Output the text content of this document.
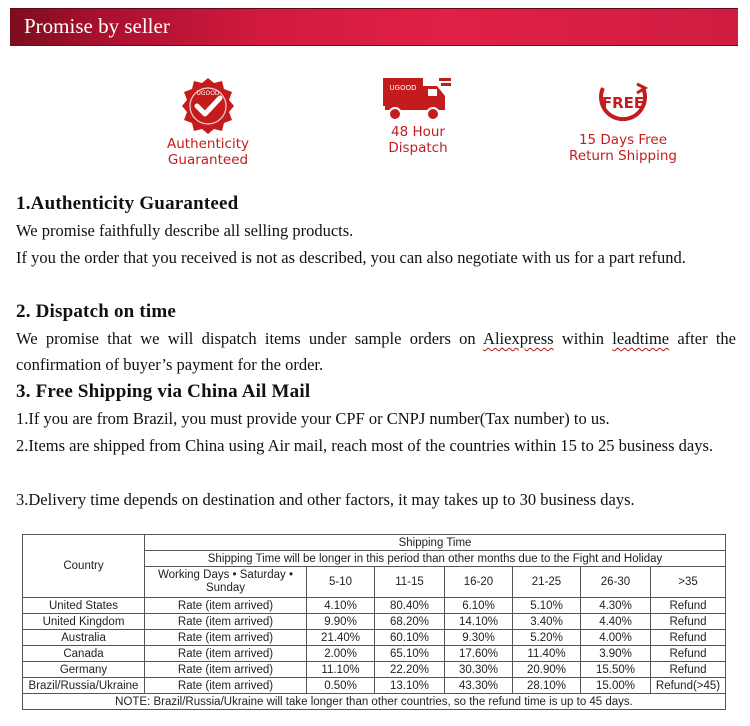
Promise by seller
UGOOD
Authenticity
Guaranteed
UGOOD
48 Hour
Dispatch
FREE
15 Days Free
Return Shipping
1.Authenticity Guaranteed
We promise faithfully describe all selling products.
If you the order that you received is not as described, you can also negotiate with us for a part refund.
2. Dispatch on time
We promise that we will dispatch items under sample orders on Aliexpress within leadtime after the confirmation of buyer’s payment for the order.
3. Free Shipping via China Ail Mail
1.If you are from Brazil, you must provide your CPF or CNPJ number(Tax number) to us.
2.Items are shipped from China using Air mail, reach most of the countries within 15 to 25 business days.
3.Delivery time depends on destination and other factors, it may takes up to 30 business days.
Country	Shipping Time						
	Shipping Time will be longer in this period than other months due to the Fight and Holiday						
	Working Days • Saturday • Sunday	5-10	11-15	16-20	21-25	26-30	>35
United States	Rate (item arrived)	4.10%	80.40%	6.10%	5.10%	4.30%	Refund
United Kingdom	Rate (item arrived)	9.90%	68.20%	14.10%	3.40%	4.40%	Refund
Australia	Rate (item arrived)	21.40%	60.10%	9.30%	5.20%	4.00%	Refund
Canada	Rate (item arrived)	2.00%	65.10%	17.60%	11.40%	3.90%	Refund
Germany	Rate (item arrived)	11.10%	22.20%	30.30%	20.90%	15.50%	Refund
Brazil/Russia/Ukraine	Rate (item arrived)	0.50%	13.10%	43.30%	28.10%	15.00%	Refund(>45)
NOTE: Brazil/Russia/Ukraine will take longer than other countries, so the refund time is up to 45 days.							
